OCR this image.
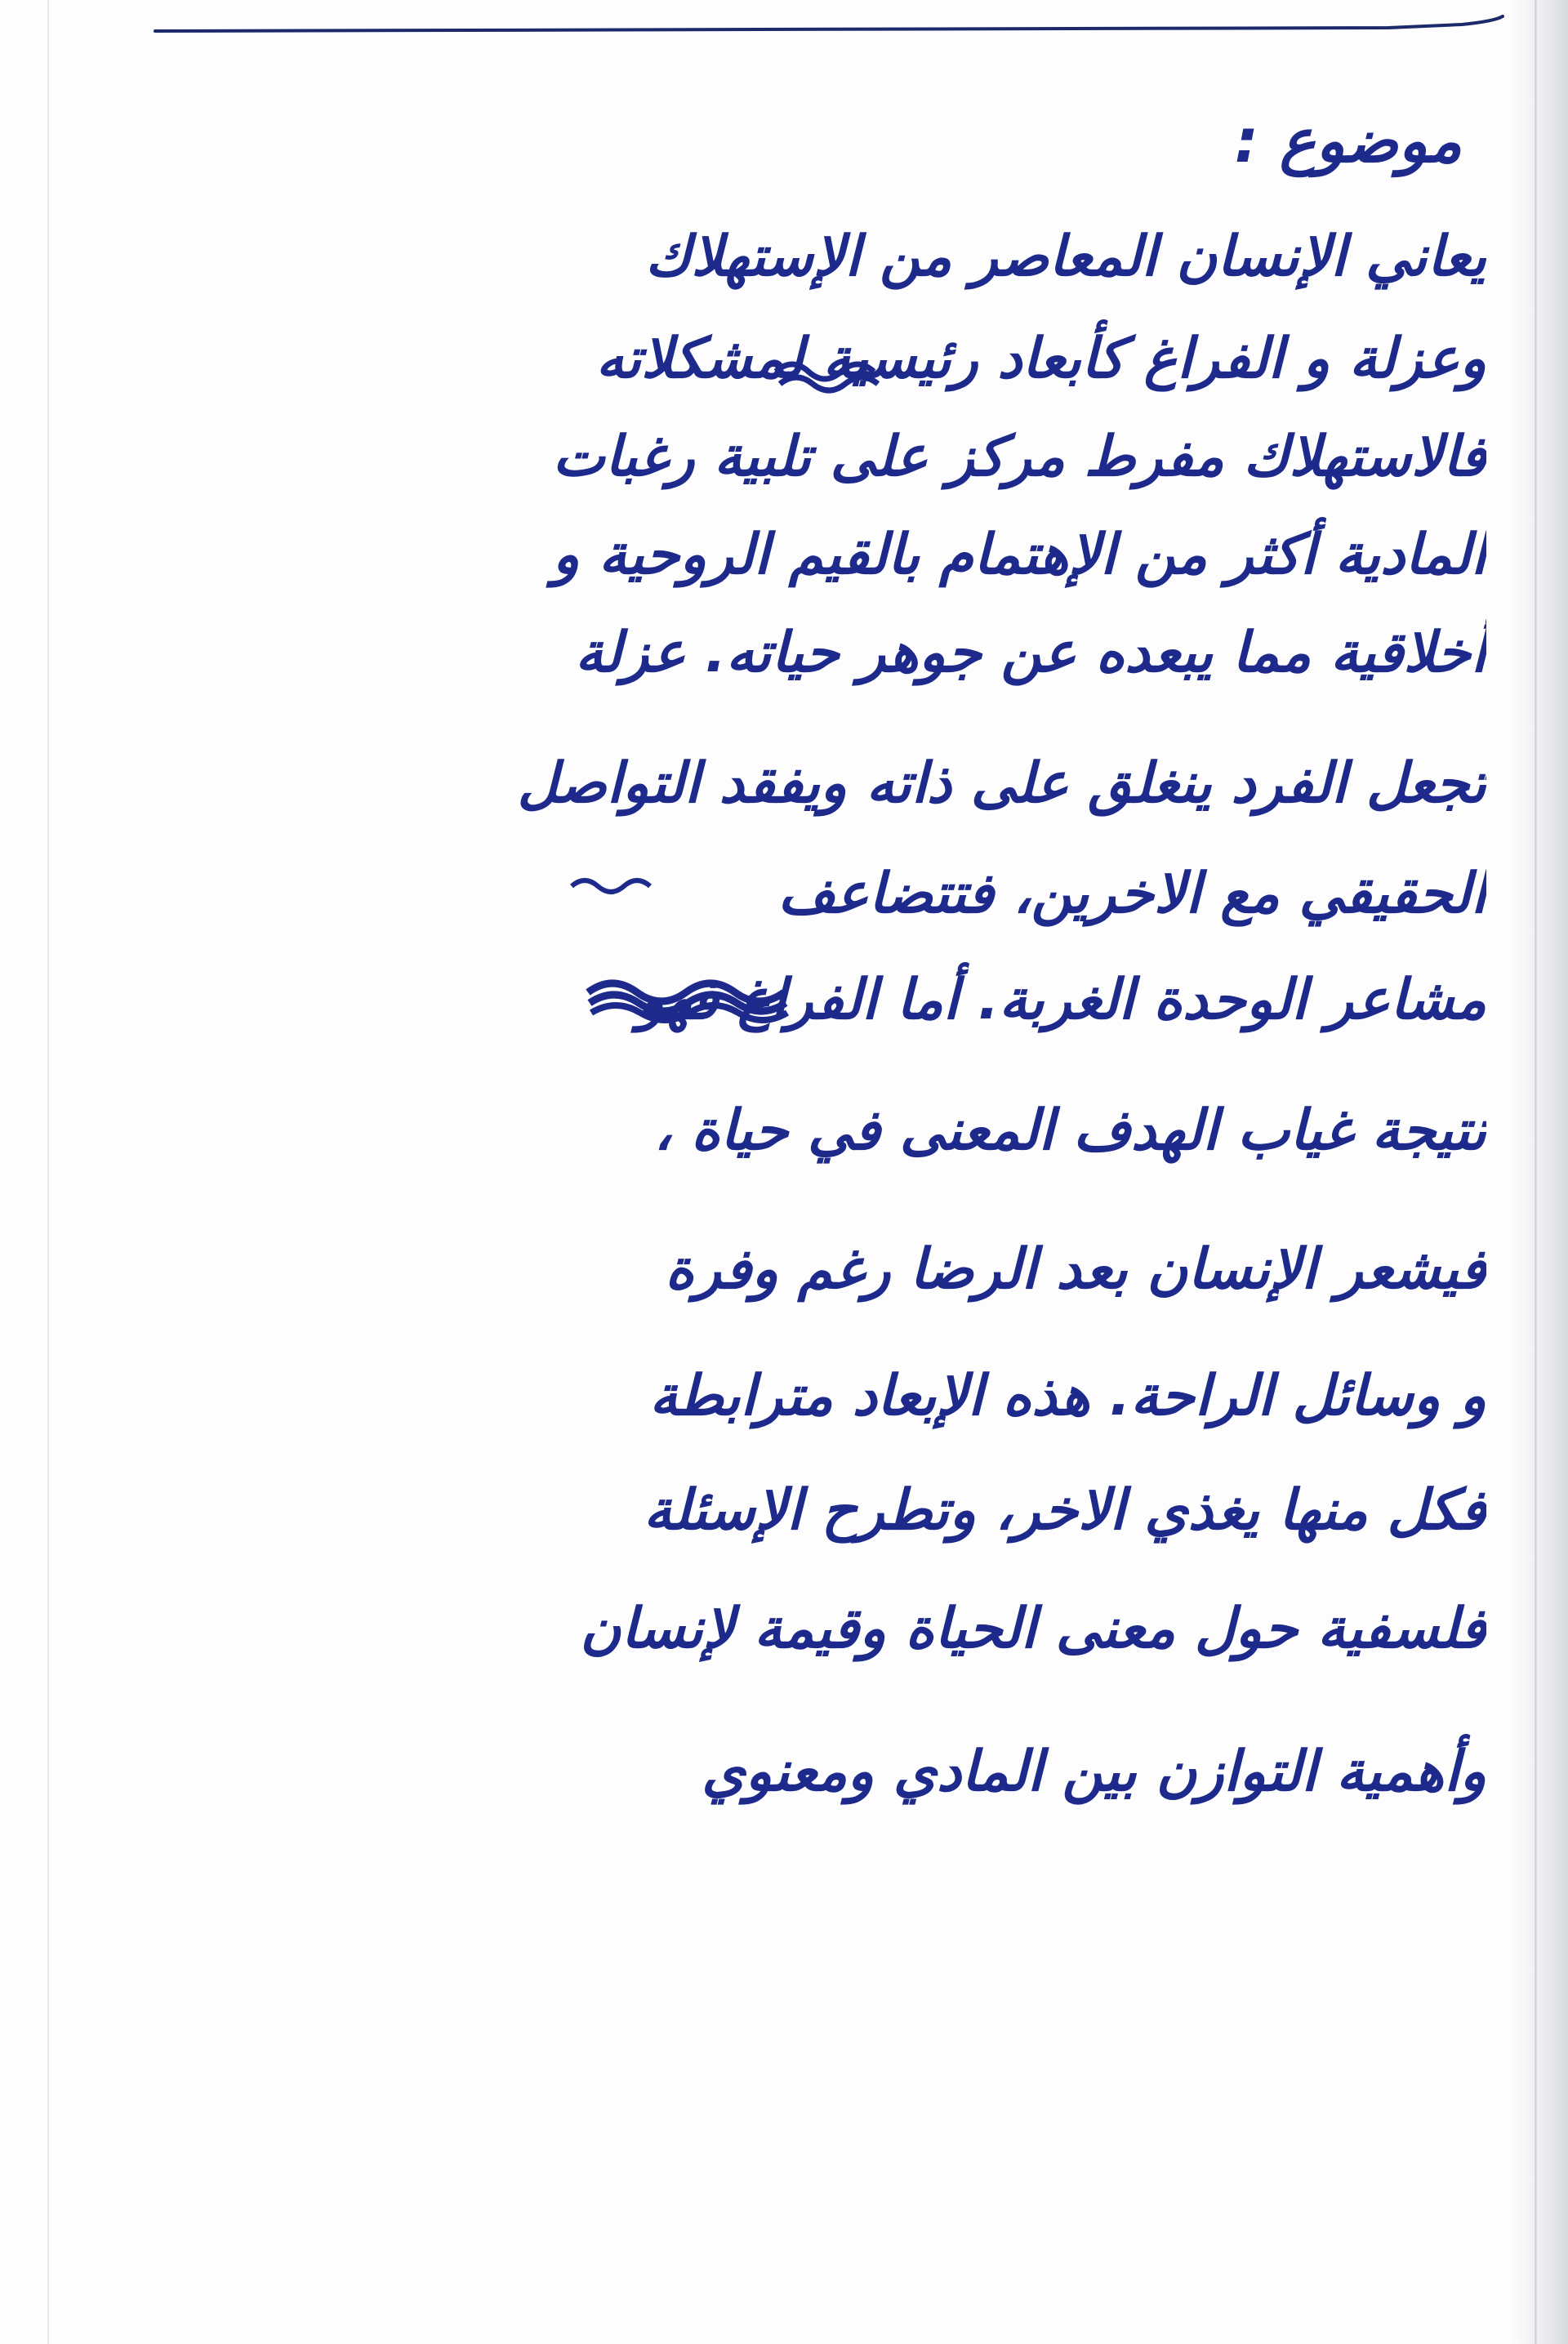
موضوع :
يعاني الإنسان المعاصر من الإستهلاك
وعزلة و الفراغ كأبعاد رئيسية لمشكلاته
فالاستهلاك مفرط مركز على تلبية رغبات
المادية أكثر من الإهتمام بالقيم الروحية و
أخلاقية مما يبعده عن جوهر حياته. عزلة
تجعل الفرد ينغلق على ذاته ويفقد التواصل
الحقيقي مع الاخرين، فتتضاعف
مشاعر الوحدة الغربة. أما الفراغ فهو
نتيجة غياب الهدف المعنى في حياة ،
فيشعر الإنسان بعد الرضا رغم وفرة
و وسائل الراحة. هذه الإبعاد مترابطة
فكل منها يغذي الاخر، وتطرح الإسئلة
فلسفية حول معنى الحياة وقيمة لإنسان
وأهمية التوازن بين المادي ومعنوي
